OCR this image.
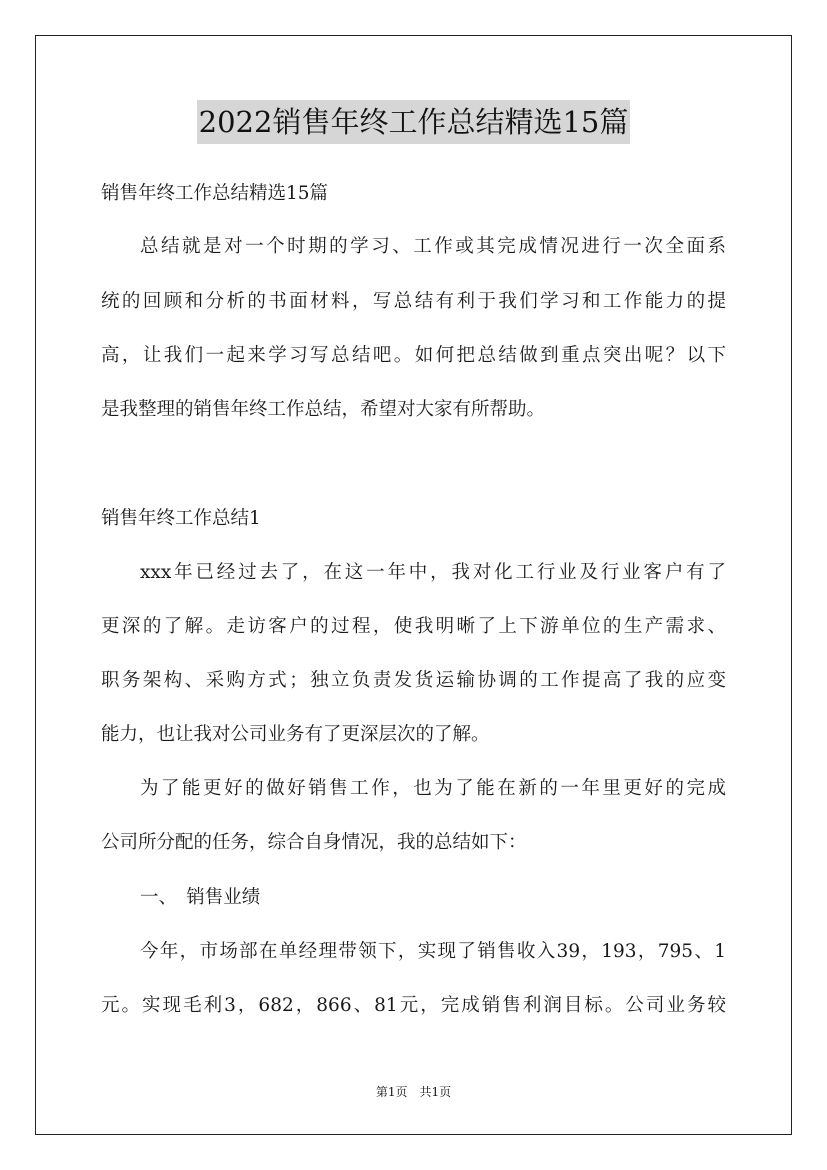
2022销售年终工作总结精选15篇
销售年终工作总结精选15篇
总结就是对一个时期的学习、工作或其完成情况进行一次全面系
统的回顾和分析的书面材料，写总结有利于我们学习和工作能力的提
高，让我们一起来学习写总结吧。如何把总结做到重点突出呢？以下
是我整理的销售年终工作总结，希望对大家有所帮助。
销售年终工作总结1
xxx年已经过去了，在这一年中，我对化工行业及行业客户有了
更深的了解。走访客户的过程，使我明晰了上下游单位的生产需求、
职务架构、采购方式；独立负责发货运输协调的工作提高了我的应变
能力，也让我对公司业务有了更深层次的了解。
为了能更好的做好销售工作，也为了能在新的一年里更好的完成
公司所分配的任务，综合自身情况，我的总结如下：
一、　销售业绩
今年，市场部在单经理带领下，实现了销售收入39，193，795、1
元。实现毛利3，682，866、81元，完成销售利润目标。公司业务较
第1页　共1页
